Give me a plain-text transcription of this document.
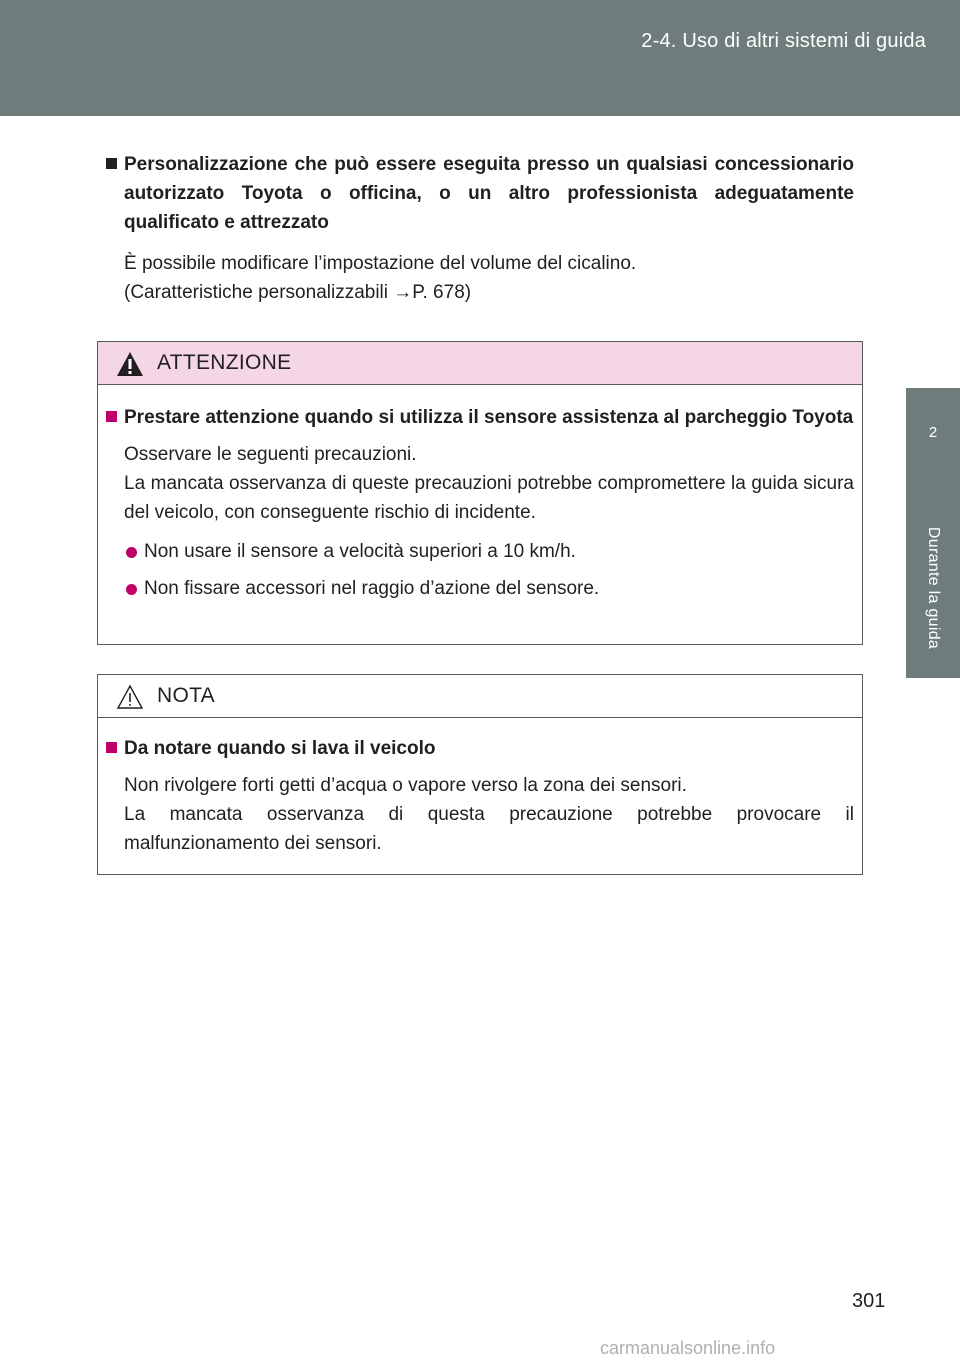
2-4. Uso di altri sistemi di guida
2
Durante la guida
Personalizzazione che può essere eseguita presso un qualsiasi concessionario autorizzato Toyota o officina, o un altro professionista adeguatamente qualificato e attrezzato
È possibile modificare l’impostazione del volume del cicalino.
(Caratteristiche personalizzabili →P. 678)
ATTENZIONE
Prestare attenzione quando si utilizza il sensore assistenza al parcheggio Toyota
Osservare le seguenti precauzioni.
La mancata osservanza di queste precauzioni potrebbe compromettere la guida sicura del veicolo, con conseguente rischio di incidente.
Non usare il sensore a velocità superiori a 10 km/h.
Non fissare accessori nel raggio d’azione del sensore.
NOTA
Da notare quando si lava il veicolo
Non rivolgere forti getti d’acqua o vapore verso la zona dei sensori.
La mancata osservanza di questa precauzione potrebbe provocare il malfunzionamento dei sensori.
301
carmanualsonline.info
